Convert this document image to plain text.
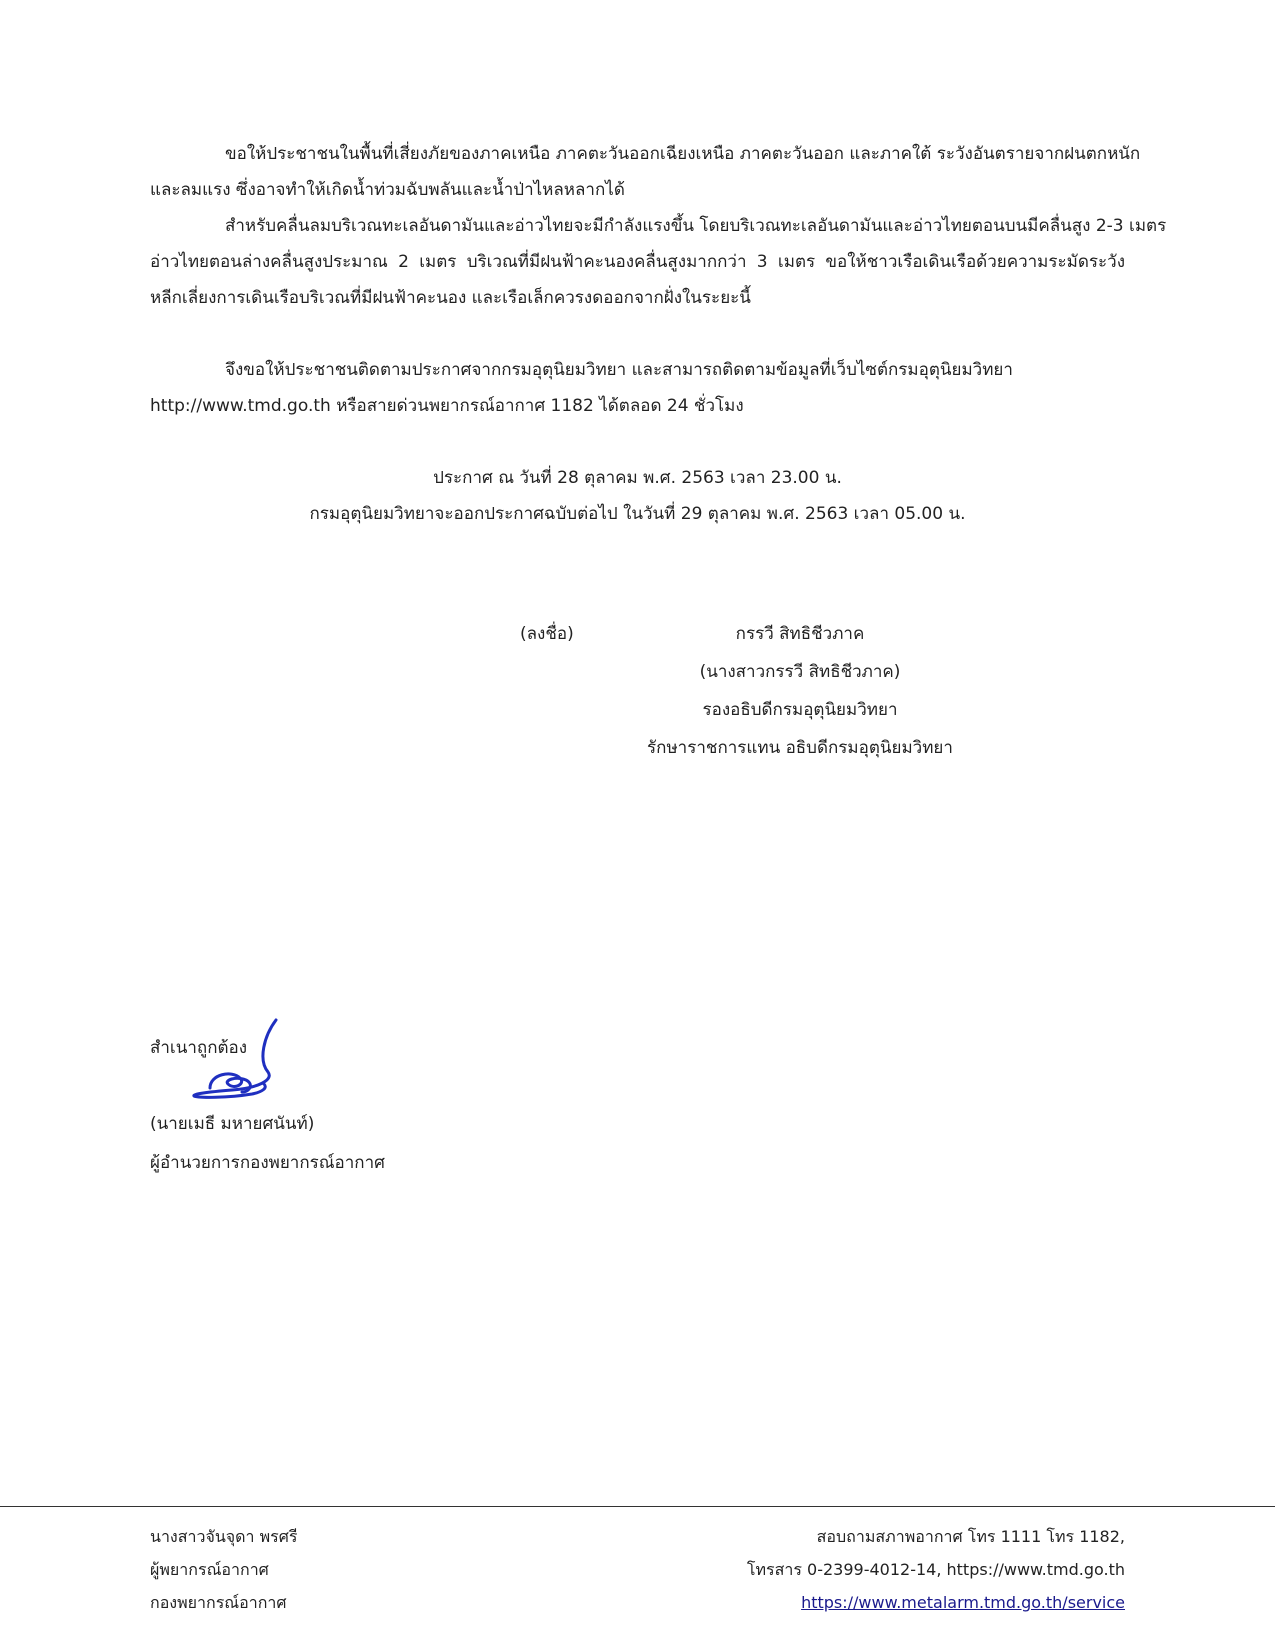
ขอให้ประชาชนในพื้นที่เสี่ยงภัยของภาคเหนือ ภาคตะวันออกเฉียงเหนือ ภาคตะวันออก และภาคใต้ ระวังอันตรายจากฝนตกหนัก
และลมแรง ซึ่งอาจทำให้เกิดน้ำท่วมฉับพลันและน้ำป่าไหลหลากได้
สำหรับคลื่นลมบริเวณทะเลอันดามันและอ่าวไทยจะมีกำลังแรงขึ้น โดยบริเวณทะเลอันดามันและอ่าวไทยตอนบนมีคลื่นสูง 2-3 เมตร
อ่าวไทยตอนล่างคลื่นสูงประมาณ 2 เมตร บริเวณที่มีฝนฟ้าคะนองคลื่นสูงมากกว่า 3 เมตร ขอให้ชาวเรือเดินเรือด้วยความระมัดระวัง
หลีกเลี่ยงการเดินเรือบริเวณที่มีฝนฟ้าคะนอง และเรือเล็กควรงดออกจากฝั่งในระยะนี้
จึงขอให้ประชาชนติดตามประกาศจากกรมอุตุนิยมวิทยา และสามารถติดตามข้อมูลที่เว็บไซต์กรมอุตุนิยมวิทยา
http://www.tmd.go.th หรือสายด่วนพยากรณ์อากาศ 1182 ได้ตลอด 24 ชั่วโมง
ประกาศ ณ วันที่ 28 ตุลาคม พ.ศ. 2563 เวลา 23.00 น.
กรมอุตุนิยมวิทยาจะออกประกาศฉบับต่อไป ในวันที่ 29 ตุลาคม พ.ศ. 2563 เวลา 05.00 น.
(ลงชื่อ)	กรรวี สิทธิชีวภาค
(นางสาวกรรวี สิทธิชีวภาค)
รองอธิบดีกรมอุตุนิยมวิทยา
รักษาราชการแทน อธิบดีกรมอุตุนิยมวิทยา
สำเนาถูกต้อง
(นายเมธี มหายศนันท์)
ผู้อำนวยการกองพยากรณ์อากาศ
นางสาวจันจุดา พรศรี
ผู้พยากรณ์อากาศ
กองพยากรณ์อากาศ
สอบถามสภาพอากาศ โทร 1111 โทร 1182,
โทรสาร 0-2399-4012-14, https://www.tmd.go.th
https://www.metalarm.tmd.go.th/service
